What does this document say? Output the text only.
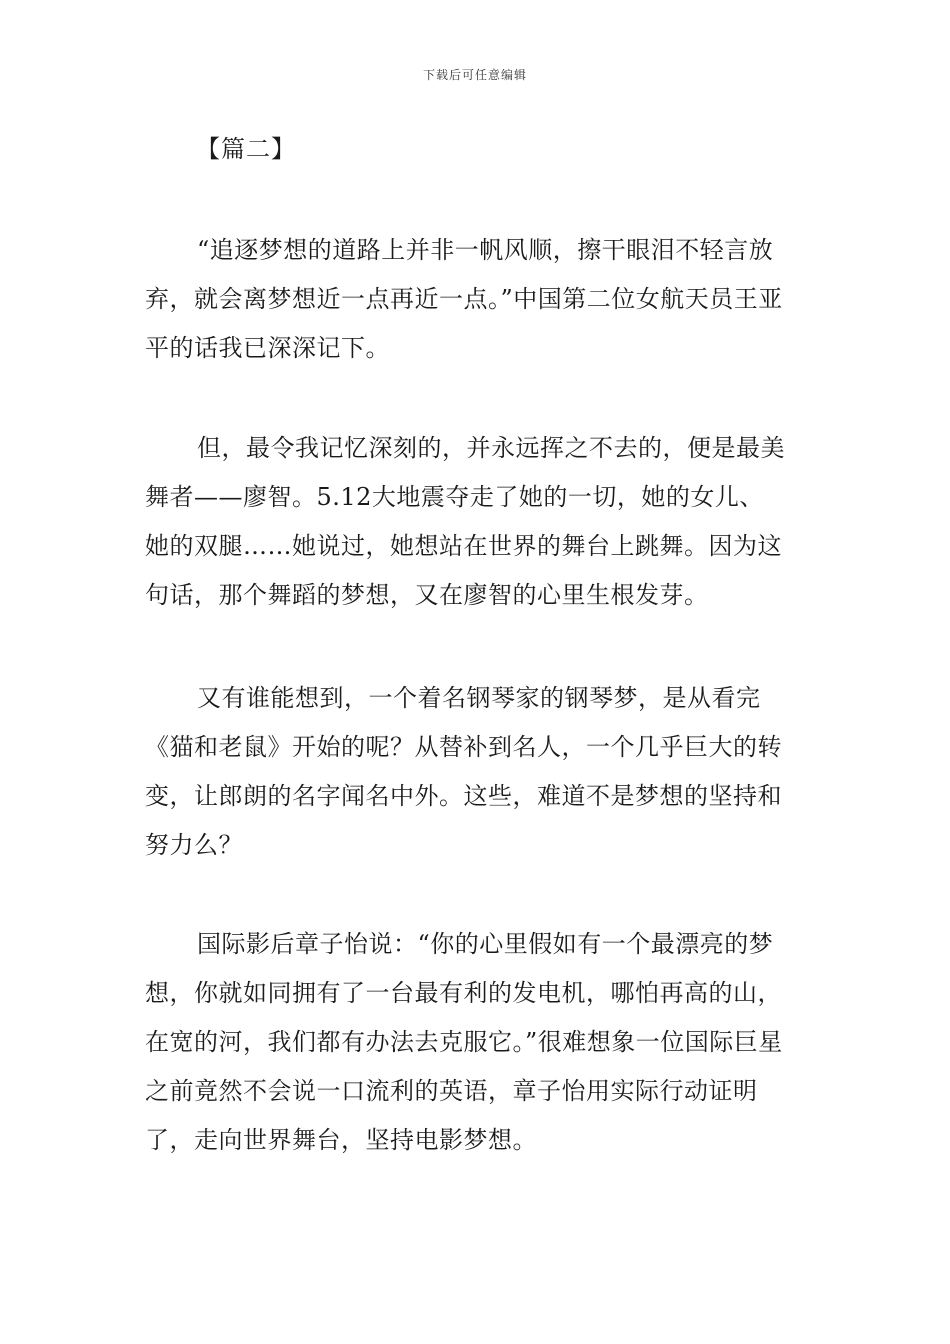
下载后可任意编辑
【篇二】

“追逐梦想的道路上并非一帆风顺，擦干眼泪不轻言放弃，就会离梦想近一点再近一点。”中国第二位女航天员王亚平的话我已深深记下。

但，最令我记忆深刻的，并永远挥之不去的，便是最美舞者——廖智。5.12大地震夺走了她的一切，她的女儿、她的双腿……她说过，她想站在世界的舞台上跳舞。因为这句话，那个舞蹈的梦想，又在廖智的心里生根发芽。

又有谁能想到，一个着名钢琴家的钢琴梦，是从看完《猫和老鼠》开始的呢？从替补到名人，一个几乎巨大的转变，让郎朗的名字闻名中外。这些，难道不是梦想的坚持和努力么？

国际影后章子怡说：“你的心里假如有一个最漂亮的梦想，你就如同拥有了一台最有利的发电机，哪怕再高的山，在宽的河，我们都有办法去克服它。”很难想象一位国际巨星之前竟然不会说一口流利的英语，章子怡用实际行动证明了，走向世界舞台，坚持电影梦想。
